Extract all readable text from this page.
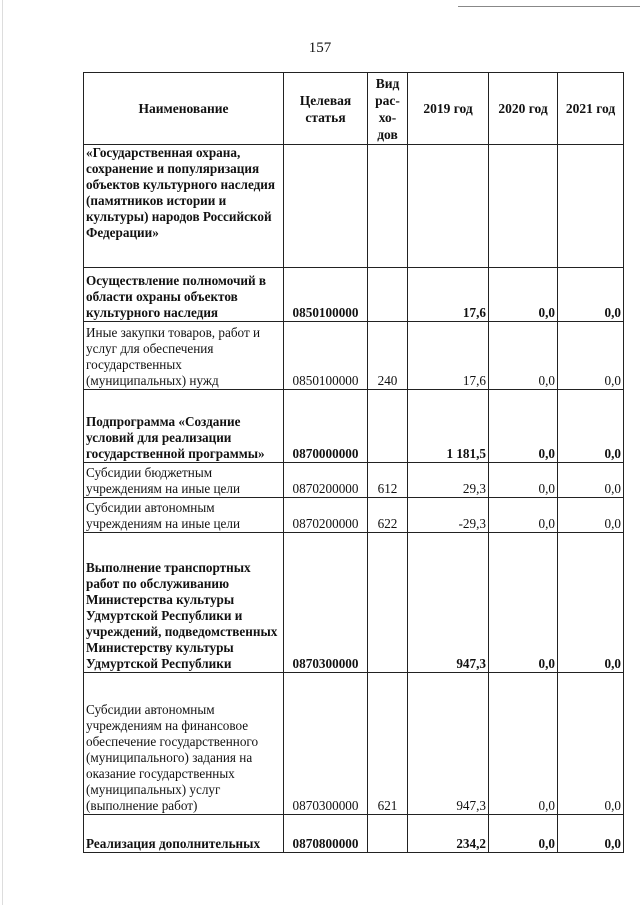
157
Наименование	Целевая статья	Вид рас-хо-дов	2019 год	2020 год	2021 год
«Государственная охрана, сохранение и популяризация объектов культурного наследия (памятников истории и культуры) народов Российской Федерации»					
Осуществление полномочий в области охраны объектов культурного наследия	0850100000		17,6	0,0	0,0
Иные закупки товаров, работ и услуг для обеспечения государственных (муниципальных) нужд	0850100000	240	17,6	0,0	0,0
Подпрограмма «Создание условий для реализации государственной программы»	0870000000		1 181,5	0,0	0,0
Субсидии бюджетным учреждениям на иные цели	0870200000	612	29,3	0,0	0,0
Субсидии автономным учреждениям на иные цели	0870200000	622	-29,3	0,0	0,0
Выполнение транспортных работ по обслуживанию Министерства культуры Удмуртской Республики и учреждений, подведомственных Министерству культуры Удмуртской Республики	0870300000		947,3	0,0	0,0
Субсидии автономным учреждениям на финансовое обеспечение государственного (муниципального) задания на оказание государственных (муниципальных) услуг (выполнение работ)	0870300000	621	947,3	0,0	0,0
Реализация дополнительных	0870800000		234,2	0,0	0,0
